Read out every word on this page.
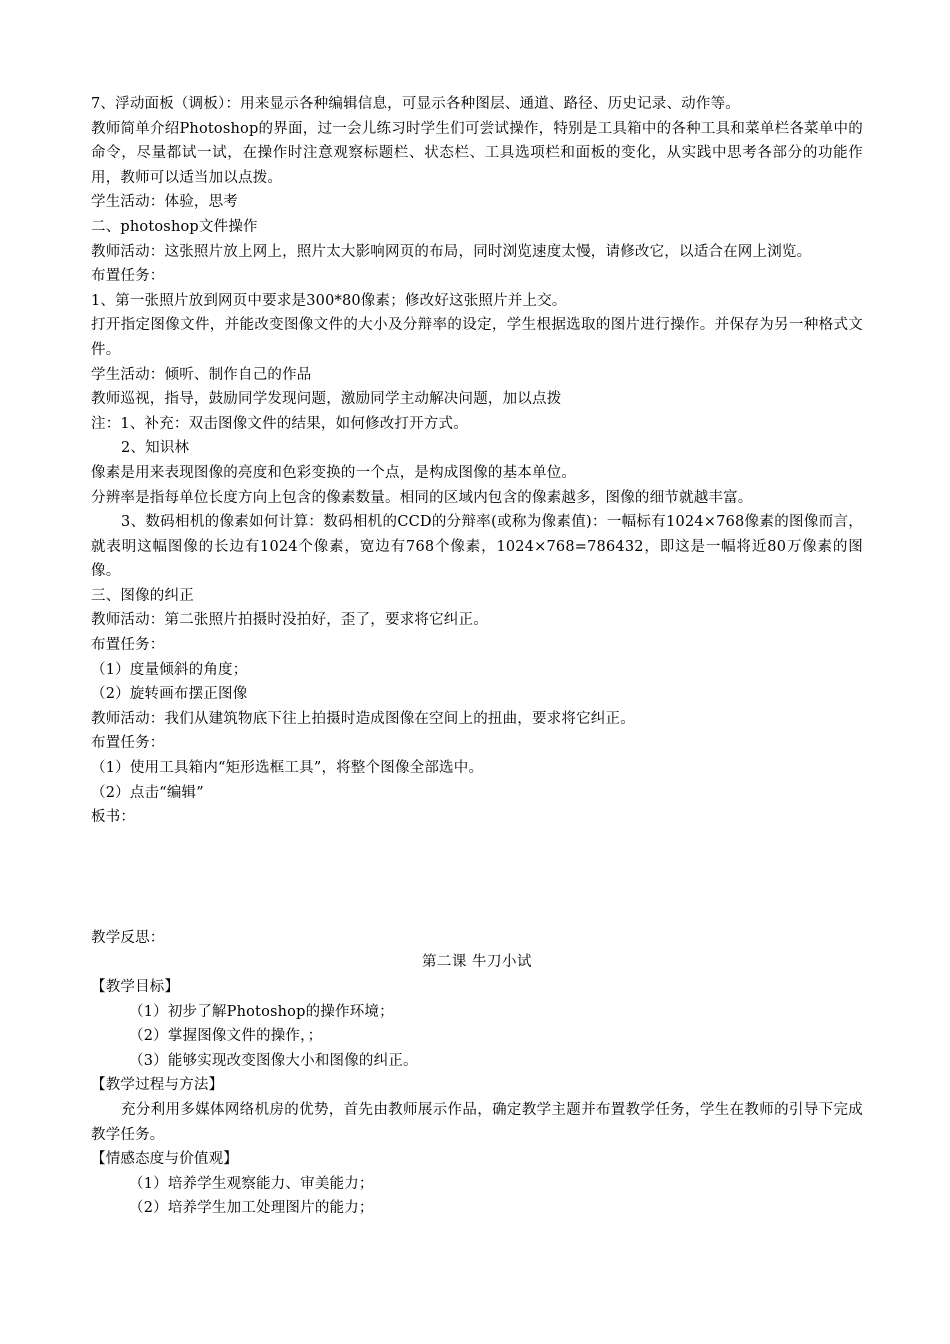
7、浮动面板（调板）：用来显示各种编辑信息，可显示各种图层、通道、路径、历史记录、动作等。

教师简单介绍Photoshop的界面，过一会儿练习时学生们可尝试操作，特别是工具箱中的各种工具和菜单栏各菜单中的命令，尽量都试一试，在操作时注意观察标题栏、状态栏、工具选项栏和面板的变化，从实践中思考各部分的功能作用，教师可以适当加以点拨。

学生活动：体验，思考

二、photoshop文件操作

教师活动：这张照片放上网上，照片太大影响网页的布局，同时浏览速度太慢，请修改它，以适合在网上浏览。

布置任务：

1、第一张照片放到网页中要求是300*80像素；修改好这张照片并上交。

打开指定图像文件，并能改变图像文件的大小及分辩率的设定，学生根据选取的图片进行操作。并保存为另一种格式文件。

学生活动：倾听、制作自己的作品

教师巡视，指导，鼓励同学发现问题，激励同学主动解决问题，加以点拨

注：1、补充：双击图像文件的结果，如何修改打开方式。

2、知识林

像素是用来表现图像的亮度和色彩变换的一个点，是构成图像的基本单位。

分辨率是指每单位长度方向上包含的像素数量。相同的区域内包含的像素越多，图像的细节就越丰富。

3、数码相机的像素如何计算：数码相机的CCD的分辩率(或称为像素值)：一幅标有1024×768像素的图像而言，就表明这幅图像的长边有1024个像素，宽边有768个像素，1024×768=786432，即这是一幅将近80万像素的图像。

三、图像的纠正

教师活动：第二张照片拍摄时没拍好，歪了，要求将它纠正。

布置任务：

（1）度量倾斜的角度；

（2）旋转画布摆正图像

教师活动：我们从建筑物底下往上拍摄时造成图像在空间上的扭曲，要求将它纠正。

布置任务：

（1）使用工具箱内“矩形选框工具”，将整个图像全部选中。

（2）点击“编辑”

板书：

教学反思：

第二课 牛刀小试

【教学目标】

（1）初步了解Photoshop的操作环境；

（2）掌握图像文件的操作，；

（3）能够实现改变图像大小和图像的纠正。

【教学过程与方法】

充分利用多媒体网络机房的优势，首先由教师展示作品，确定教学主题并布置教学任务，学生在教师的引导下完成教学任务。

【情感态度与价值观】

（1）培养学生观察能力、审美能力；

（2）培养学生加工处理图片的能力；
